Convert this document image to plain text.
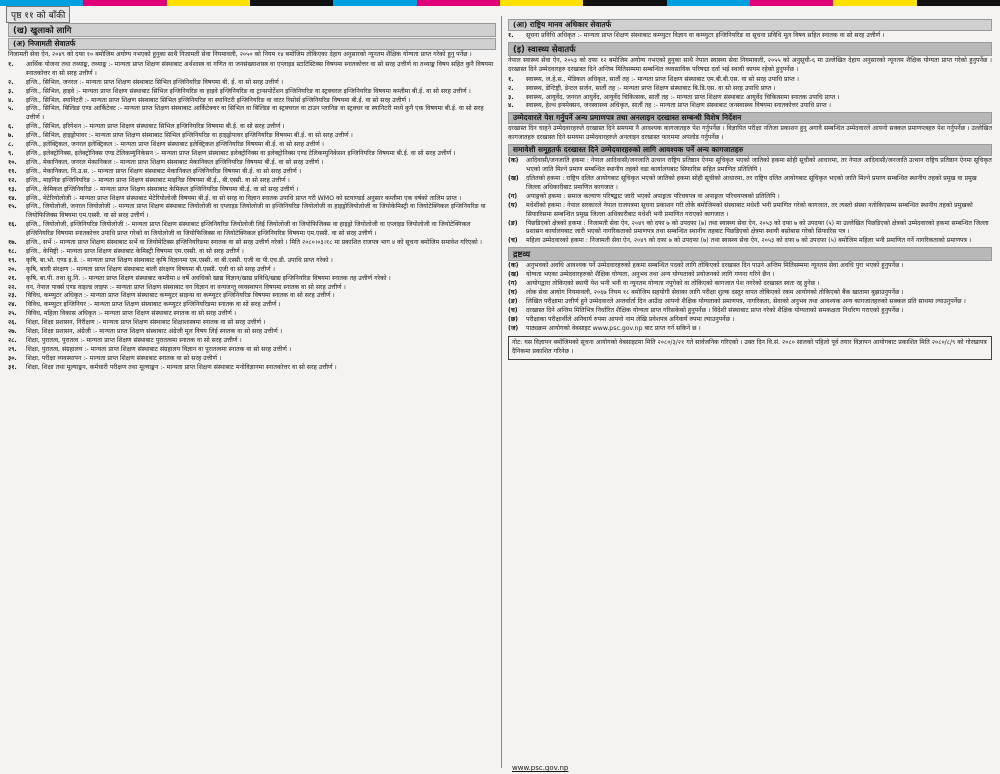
पृष्ठ ११ को बाँकी
(ख) खुलाको लागि
(अ) निजामती सेवातर्फ
निजामती सेवा ऐन, २०४९ को दफा १० बमोजिम अयोग्य नभएको हुनुका साथै निजामती सेवा नियमावली, २०५० को नियम १४ बमोजिम तोकिएका देहाय अनुसारको न्यूनतम शैक्षिक योग्यता प्राप्त गरेको हुनु पर्नेछ ।
१.	आर्थिक योजना तथा तथ्याङ्क, तथ्याङ्क :- मान्यता प्राप्त शिक्षण संस्थाबाट अर्थशास्त्र वा गणित वा जनसंख्याशास्त्र वा एप्लाइड स्टाटिस्टिक्स विषयमा स्नातकोत्तर वा सो सरह उत्तीर्ण वा तथ्याङ्क विषय सहित कुनै विषयमा स्नातकोत्तर वा सो सरह उत्तीर्ण ।
२.	इन्जि., सिभिल, जनरल :- मान्यता प्राप्त शिक्षण संस्थाबाट सिभिल इन्जिनियरिङ विषयमा बी. ई. वा सो सरह उत्तीर्ण ।
३.	इन्जि., सिभिल, हाइवे :- मान्यता प्राप्त शिक्षण संस्थाबाट सिभिल इन्जिनियरिङ वा हाइवे इन्जिनियरिङ वा ट्रान्सपोर्टेशन इन्जिनियरिङ वा स्ट्रक्चरल इन्जिनियरिङ विषयमा कम्तीमा बी.ई. वा सो सरह उत्तीर्ण ।
४.	इन्जि., सिभिल, स्यानिटरी :- मान्यता प्राप्त शिक्षण संस्थाबाट सिभिल इन्जिनियरिङ वा स्यानिटरी इन्जिनियरिङ वा वाटर रिसोर्स इन्जिनियरिङ विषयमा बी.ई. वा सो सरह उत्तीर्ण ।
५.	इन्जि., सिभिल, बिल्डिङ एण्ड आर्किटेक्ट :- मान्यता प्राप्त शिक्षण संस्थाबाट आर्किटेक्चर वा सिभिल वा बिल्डिङ वा स्ट्रक्चरल वा टाउन प्लानिङ वा स्ट्रक्चर वा स्यानिटरी मध्ये कुनै एक विषयमा बी.ई. वा सो सरह उत्तीर्ण ।
६.	इन्जि., सिभिल, इरिगेशन :- मान्यता प्राप्त शिक्षण संस्थाबाट सिभिल इन्जिनियरिङ विषयमा बी.ई. वा सो सरह उत्तीर्ण ।
७.	इन्जि., सिभिल, हाइड्रोपावर :- मान्यता प्राप्त शिक्षण संस्थाबाट सिभिल इन्जिनियरिङ वा हाइड्रोपावर इन्जिनियरिङ विषयमा बी.ई. वा सो सरह उत्तीर्ण ।
८.	इन्जि., इलेक्ट्रिकल, जनरल इलेक्ट्रिकल :- मान्यता प्राप्त शिक्षण संस्थाबाट इलेक्ट्रिकल इन्जिनियरिङ विषयमा बी.ई. वा सो सरह उत्तीर्ण ।
९.	इन्जि., इलेक्ट्रोनिक्स, इलेक्ट्रोनिक्स एण्ड टेलिकम्युनिकेसन :- मान्यता प्राप्त शिक्षण संस्थाबाट इलेक्ट्रोनिक्स वा इलेक्ट्रोनिक्स एण्ड टेलिकम्युनिकेसन इन्जिनियरिङ विषयमा बी.ई. वा सो सरह उत्तीर्ण ।
१०.	इन्जि., मेकानिकल, जनरल मेकानिकल :- मान्यता प्राप्त शिक्षण संस्थाबाट मेकानिकल इन्जिनियरिङ विषयमा बी.ई. वा सो सरह उत्तीर्ण ।
११.	इन्जि., मेकानिकल, नि.उ.स. :- मान्यता प्राप्त शिक्षण संस्थाबाट मेकानिकल इन्जिनियरिङ विषयमा बी.ई. वा सो सरह उत्तीर्ण ।
१२.	इन्जि., माइनिङ इन्जिनियरिङ :- मान्यता प्राप्त शिक्षण संस्थाबाट माइनिङ विषयमा बी.ई., बी.एस्सी. वा सो सरह उत्तीर्ण ।
१३.	इन्जि., केमिकल इन्जिनियरिङ :- मान्यता प्राप्त शिक्षण संस्थाबाट केमिकल इन्जिनियरिङ विषयमा बी.ई. वा सो सरह उत्तीर्ण ।
१४.	इन्जि., मेटेरियोलोजी :- मान्यता प्राप्त शिक्षण संस्थाबाट मेटेरियोलोजी विषयमा बी.ई. वा सो सरह वा विज्ञान स्नातक उपाधि प्राप्त गरी WMO को स्टयाण्डर्ड अनुसार कम्तीमा एक वर्षको तालिम प्राप्त ।
१५.	इन्जि., जियोलोजी, जनरल जियोलोजी :- मान्यता प्राप्त शिक्षण संस्थाबाट जियोलोजी वा एप्लाइड जियोलोजी वा इन्जिनियरिङ जियोलोजी वा हाइड्रोजियोलोजी वा जियोकेमिस्ट्री वा जियोटेक्निकल इन्जिनियरिङ वा जियोफिजिक्स विषयमा एम.एस्सी. वा सो सरह उत्तीर्ण ।
१६.	इन्जि., जियोलोजी, इन्जिनियरिङ जियोलोजी :- मान्यता प्राप्त शिक्षण संस्थाबाट इन्जिनियरिङ जियोलोजी लिई जियोलोजी वा जियोफिजिक्स वा हाइड्रो जियोलोजी वा एप्लाइड जियोलोजी वा जियोटेक्निकल इन्जिनियरिङ विषयमा स्नातकोत्तर उपाधि प्राप्त गरेको वा जियोलोजी वा जियोफिजिक्स वा जियोटेक्निकल इन्जिनियरिङ विषयमा एम.एस्सी. वा सो सरह उत्तीर्ण ।
१७.	इन्जि., सर्भे :- मान्यता प्राप्त शिक्षण संस्थाबाट सर्भे वा जियोमेटिक्स इन्जिनियरिङमा स्नातक वा सो सरह उत्तीर्ण गरेको । मिति २०८०।०३।१८ मा प्रकाशित राजपत्र भाग ४ को सूचना बमोजिम समावेश गरिएको ।
१८.	इन्जि., केमिष्ट्री :- मान्यता प्राप्त शिक्षण संस्थाबाट केमिस्ट्री विषयमा एम.एस्सी. वा सो सरह उत्तीर्ण ।
१९.	कृषि, बा.भो. एण्ड इ.डे. :- मान्यता प्राप्त शिक्षण संस्थाबाट कृषि विज्ञानमा एम.एस्सी. वा बी.एस्सी. एजी वा पी.एच.डी. उपाधि प्राप्त गरेको ।
२०.	कृषि, बाली संरक्षण :- मान्यता प्राप्त शिक्षण संस्थाबाट बाली संरक्षण विषयमा बी.एस्सी. एजी वा सो सरह उत्तीर्ण ।
२१.	कृषि, बा.पी. तथा सु.नि. :- मान्यता प्राप्त शिक्षण संस्थाबाट कम्तीमा ४ वर्षे अवधिको खाद्य विज्ञान/खाद्य प्रविधि/खाद्य इन्जिनियरिङ विषयमा स्नातक तह उत्तीर्ण गरेको ।
२२.	वन, नेपाल पार्क्स एण्ड वाइल्ड लाइफ :- मान्यता प्राप्त शिक्षण संस्थाबाट वन विज्ञान वा वन्यजन्तु व्यवस्थापन विषयमा स्नातक वा सो सरह उत्तीर्ण ।
२३.	विविध, कम्प्युटर अधिकृत :- मान्यता प्राप्त शिक्षण संस्थाबाट कम्प्युटर साइन्स वा कम्प्युटर इन्जिनियरिङ विषयमा स्नातक वा सो सरह उत्तीर्ण ।
२४.	विविध, कम्प्युटर इन्जिनियर :- मान्यता प्राप्त शिक्षण संस्थाबाट कम्प्युटर इन्जिनियरिङमा स्नातक वा सो सरह उत्तीर्ण ।
२५.	विविध, महिला विकास अधिकृत :- मान्यता प्राप्त शिक्षण संस्थाबाट स्नातक वा सो सरह उत्तीर्ण ।
२६.	शिक्षा, शिक्षा प्रशासन, निरीक्षण :- मान्यता प्राप्त शिक्षण संस्थाबाट शिक्षाशास्त्रमा स्नातक वा सो सरह उत्तीर्ण ।
२७.	शिक्षा, शिक्षा प्रशासन, अंग्रेजी :- मान्यता प्राप्त शिक्षण संस्थाबाट अंग्रेजी मूल विषय लिई स्नातक वा सो सरह उत्तीर्ण ।
२८.	शिक्षा, पुरातत्व, पुरातत्व :- मान्यता प्राप्त शिक्षण संस्थाबाट पुरातत्वमा स्नातक वा सो सरह उत्तीर्ण ।
२९.	शिक्षा, पुरातत्व, संग्रहालय :- मान्यता प्राप्त शिक्षण संस्थाबाट संग्रहालय विज्ञान वा पुरातत्वमा स्नातक वा सो सरह उत्तीर्ण ।
३०.	शिक्षा, परीक्षा व्यवस्थापन :- मान्यता प्राप्त शिक्षण संस्थाबाट स्नातक वा सो सरह उत्तीर्ण ।
३१.	शिक्षा, शिक्षा तथा मूल्याङ्कन, कर्मचारी परीक्षण तथा मूल्याङ्कन :- मान्यता प्राप्त शिक्षण संस्थाबाट मनोविज्ञानमा स्नातकोत्तर वा सो सरह उत्तीर्ण ।
(आ) राष्ट्रिय मानव अधिकार सेवातर्फ
१.	सूचना प्रविधि अधिकृत :- मान्यता प्राप्त शिक्षण संस्थाबाट कम्प्युटर विज्ञान वा कम्प्युटर इन्जिनियरिङ वा सूचना प्रविधि मूल विषय सहित स्नातक वा सो सरह उत्तीर्ण ।
(इ) स्वास्थ्य सेवातर्फ
नेपाल स्वास्थ्य सेवा ऐन, २०५३ को दफा १२ बमोजिम अयोग्य नभएको हुनुका साथै नेपाल स्वास्थ्य सेवा नियमावली, २०५५ को अनुसूची-६ मा उल्लेखित देहाय अनुसारको न्यूनतम शैक्षिक योग्यता प्राप्त गरेको हुनुपर्नेछ । दरखास्त दिने उम्मेदवारहरु दरखास्त दिने अन्तिम मितिसम्ममा सम्बन्धित व्यवसायिक परिषद्मा दर्ता भई स्थायी कायम रहेको हुनुपर्नेछ ।
१.	स्वास्थ्य, ज.हे.स., मेडिकल अधिकृत, सातौं तह :- मान्यता प्राप्त शिक्षण संस्थाबाट एम.बी.बी.एस. वा सो सरह उपाधि प्राप्त ।
२.	स्वास्थ्य, डेन्टिष्ट्री, डेन्टल सर्जन, सातौं तह :- मान्यता प्राप्त शिक्षण संस्थाबाट बि.डि.एस. वा सो सरह उपाधि प्राप्त ।
३.	स्वास्थ्य, आयुर्वेद, जनरल आयुर्वेद, आयुर्वेद चिकित्सक, सातौं तह :- मान्यता प्राप्त शिक्षण संस्थाबाट आयुर्वेद चिकित्सामा स्नातक उपाधि प्राप्त ।
४.	स्वास्थ्य, हेल्थ इन्स्पेक्सन, जनस्वास्थ्य अधिकृत, सातौं तह :- मान्यता प्राप्त शिक्षण संस्थाबाट जनस्वास्थ्य विषयमा स्नातकोत्तर उपाधि प्राप्त ।
उम्मेदवारले पेश गर्नुपर्ने अन्य प्रमाणपत्र तथा अनलाइन दरखास्त सम्बन्धी विशेष निर्देशन
दरखास्त दिन चाहने उम्मेदवारहरुले दरखास्त दिने समयमा नै आवश्यक कागजातहरु पेश गर्नुपर्नेछ । विज्ञापित परीक्षा नतिजा प्रकाशन हुनु अगावै सम्बन्धित उम्मेदवारले आफ्नो सक्कल प्रमाणपत्रहरु पेश गर्नुपर्नेछ । उल्लेखित कागजातहरु दरखास्त दिने समयमा उम्मेदवारहरुले अनलाइन दरखास्त फारममा अपलोड गर्नुपर्नेछ ।
समावेशी समूहतर्फ दरखास्त दिने उम्मेदवारहरुको लागि आवश्यक पर्ने अन्य कागजातहरु
(क)	आदिवासी/जनजाति हकमा : नेपाल आदिवासी/जनजाति उत्थान राष्ट्रिय प्रतिष्ठान ऐनमा सूचिकृत भएको जातिको हकमा सोही सूचीको आधारमा, तर नेपाल आदिवासी/जनजाति उत्थान राष्ट्रिय प्रतिष्ठान ऐनमा सूचिकृत भएको जाति मिल्ने प्रमाण सम्बन्धित स्थानीय तहको वडा कार्यालयबाट सिफारिस सहित प्रमाणित प्रतिलिपि ।
(ख)	दलितको हकमा : राष्ट्रिय दलित आयोगबाट सूचिकृत भएको जातिको हकमा सोही सूचीको आधारमा, तर राष्ट्रिय दलित आयोगबाट सूचिकृत भएको जाति मिल्ने प्रमाण सम्बन्धित स्थानीय तहको प्रमुख वा प्रमुख जिल्ला अधिकारीबाट प्रमाणित कागजात ।
(ग)	अपाङ्गको हकमा : समाज कल्याण परिषद्बाट जारी भएको अपाङ्गता परिचयपत्र वा अपाङ्गता परिचयपत्रको प्रतिलिपि ।
(घ)	मधेशीको हकमा : नेपाल सरकारले नेपाल राजपत्रमा सूचना प्रकाशन गरी तोके बमोजिमको संस्थाबाट मधेशी भनी प्रमाणित गरेको कागजात, तर त्यस्तो संस्था नतोकिएसम्म सम्बन्धित स्थानीय तहको प्रमुखको सिफारिसमा सम्बन्धित प्रमुख जिल्ला अधिकारीबाट मधेशी भनी प्रमाणित गराएको कागजात ।
(ङ)	पिछडिएको क्षेत्रको हकमा : निजामती सेवा ऐन, २०४९ को दफा ७ को उपदफा (७) तथा स्वास्थ्य सेवा ऐन, २०५३ को दफा ७ को उपदफा (५) मा उल्लेखित पिछडिएको क्षेत्रको उम्मेदवारको हकमा सम्बन्धित जिल्ला प्रशासन कार्यालयबाट जारी भएको नागरिकताको प्रमाणपत्र तथा सम्बन्धित स्थानीय तहबाट पिछडिएको क्षेत्रमा स्थायी बसोबास गरेको सिफारिस पत्र ।
(च)	महिला उम्मेदवारको हकमा : निजामती सेवा ऐन, २०४९ को दफा ७ को उपदफा (७) तथा स्वास्थ्य सेवा ऐन, २०५३ को दफा ७ को उपदफा (५) बमोजिम महिला भनी प्रमाणित गर्ने नागरिकताको प्रमाणपत्र ।
द्रष्टव्य
(क)	अनुभवको अवधि आवश्यक पर्ने उम्मेदवारहरुको हकमा सम्बन्धित पदको लागि तोकिएको दरखास्त दिन पाउने अन्तिम मितिसम्ममा न्यूनतम सेवा अवधि पुरा भएको हुनुपर्नेछ ।
(ख)	योग्यता भएका उम्मेदवारहरुको शैक्षिक योग्यता, अनुभव तथा अन्य योग्यताको प्रयोजनको लागि गणना गरिने छैन ।
(ग)	आयोगद्वारा तोकिएको स्थायी पेश भनी भनी वा न्यूनतम योग्यता नपुगेको वा तोकिएको कागजात पेश नगरेको दरखास्त स्वतः रद्द हुनेछ ।
(घ)	लोक सेवा आयोग नियमावली, २०६७ नियम १८ बमोजिम सहयोगी सेवाका लागि परीक्षा शुल्क दस्तुर वापत तोकिएको रकम आयोगको तोकिएको बैंक खातामा बुझाउनुपर्नेछ ।
(ङ)	लिखित परीक्षामा उत्तीर्ण हुने उम्मेदवारले अन्तर्वार्ता दिन आउँदा आफ्नो शैक्षिक योग्यताको प्रमाणपत्र, नागरिकता, सेवाको अनुभव तथा आवश्यक अन्य कागजातहरुको सक्कल प्रति साथमा ल्याउनुपर्नेछ ।
(च)	दरखास्त दिने अन्तिम मितिभित्र निर्धारित शैक्षिक योग्यता प्राप्त गरिसकेको हुनुपर्नेछ । विदेशी संस्थाबाट प्राप्त गरेको शैक्षिक योग्यताको समकक्षता निर्धारण गराएको हुनुपर्नेछ ।
(छ)	परीक्षाका परीक्षार्थीले अनिवार्य रुपमा आफ्नो नाम लेखि प्रवेशपत्र अनिवार्य रुपमा ल्याउनुपर्नेछ ।
(ज)	पाठ्यक्रम आयोगको वेबसाइट www.psc.gov.np बाट प्राप्त गर्न सकिने छ ।
नोट: यस विज्ञापन बमोजिमको सूचना आयोगको वेबसाइटमा मिति २०८०/३/२१ गते सार्वजनिक गरिएको । उक्त दिन वि.सं. २०८० सालको पहिलो पूर्व तयार विज्ञापन आयोगबाट प्रकाशित मिति २०८०/८/९ को गोरखापत्र दैनिकमा प्रकाशित गरिनेछ ।
www.psc.gov.np
